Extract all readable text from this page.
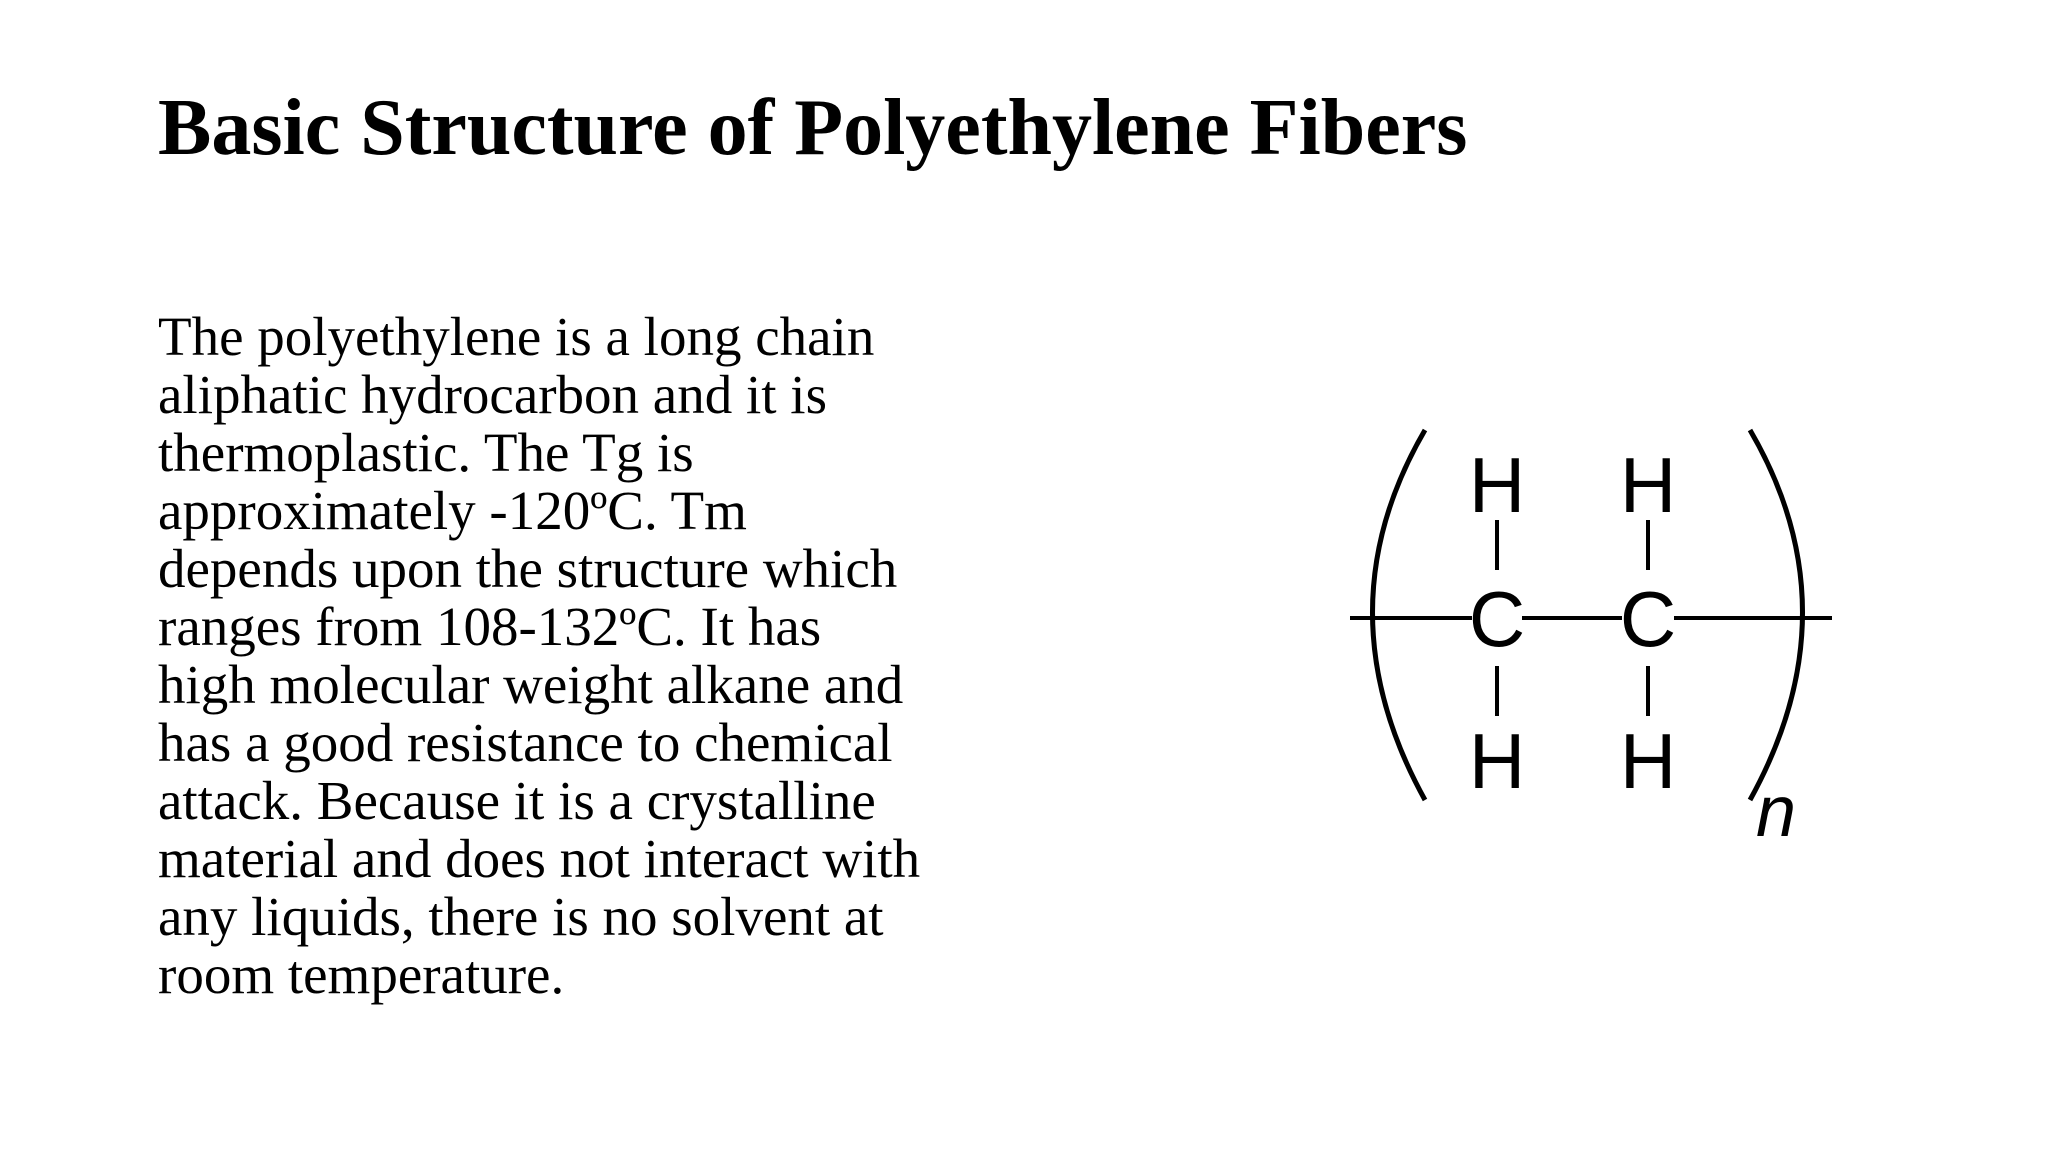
Basic Structure of Polyethylene Fibers
The polyethylene is a long chain
aliphatic hydrocarbon and it is
thermoplastic. The Tg is
approximately -120ºC. Tm
depends upon the structure which
ranges from 108-132ºC. It has
high molecular weight alkane and
has a good resistance to chemical
attack. Because it is a crystalline
material and does not interact with
any liquids, there is no solvent at
room temperature.
H H
C C
H H
n
